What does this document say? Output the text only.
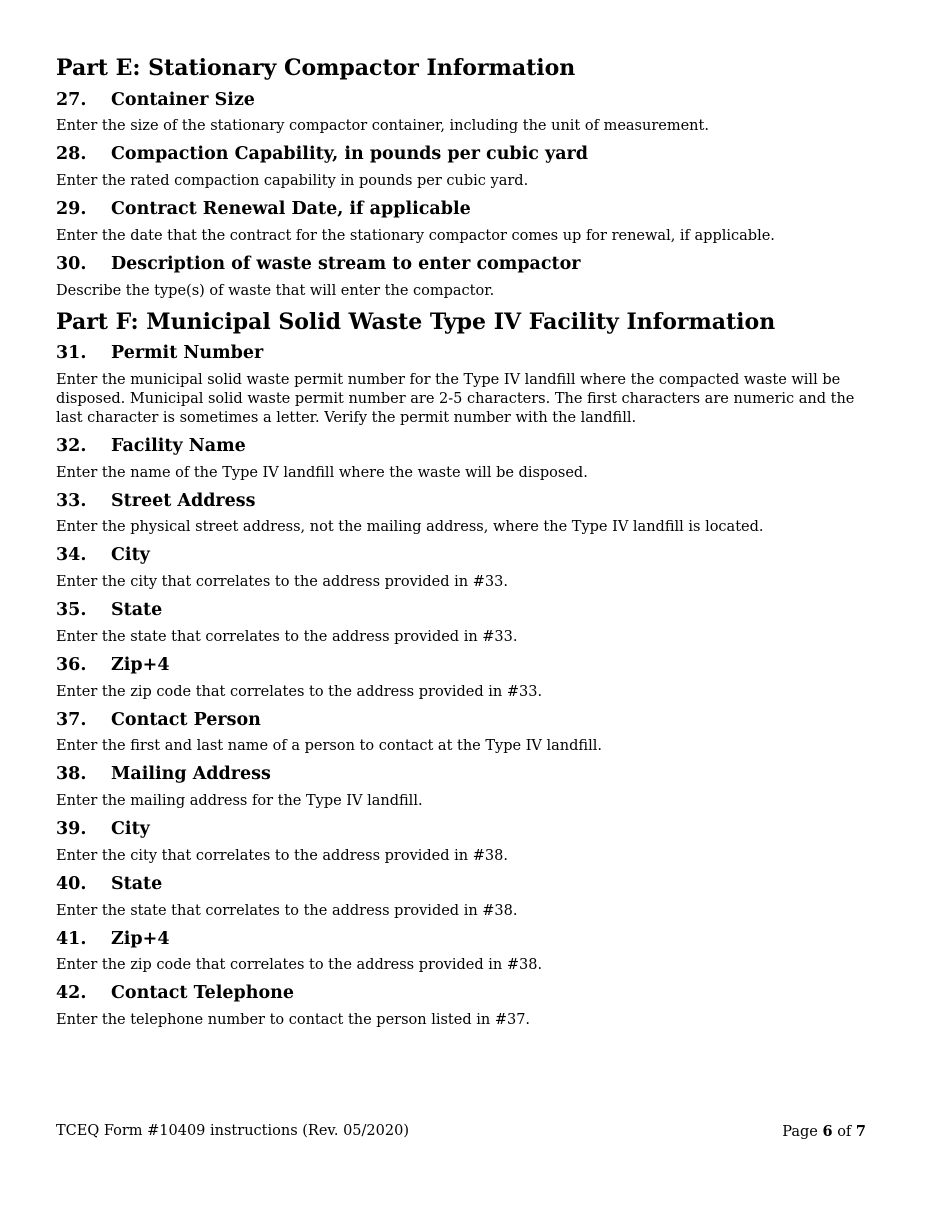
Part E: Stationary Compactor Information
27.	Container Size
Enter the size of the stationary compactor container, including the unit of measurement.
28.	Compaction Capability, in pounds per cubic yard
Enter the rated compaction capability in pounds per cubic yard.
29.	Contract Renewal Date, if applicable
Enter the date that the contract for the stationary compactor comes up for renewal, if applicable.
30.	Description of waste stream to enter compactor
Describe the type(s) of waste that will enter the compactor.
Part F: Municipal Solid Waste Type IV Facility Information
31.	Permit Number
Enter the municipal solid waste permit number for the Type IV landfill where the compacted waste will be disposed. Municipal solid waste permit number are 2-5 characters. The first characters are numeric and the last character is sometimes a letter. Verify the permit number with the landfill.
32.	Facility Name
Enter the name of the Type IV landfill where the waste will be disposed.
33.	Street Address
Enter the physical street address, not the mailing address, where the Type IV landfill is located.
34.	City
Enter the city that correlates to the address provided in #33.
35.	State
Enter the state that correlates to the address provided in #33.
36.	Zip+4
Enter the zip code that correlates to the address provided in #33.
37.	Contact Person
Enter the first and last name of a person to contact at the Type IV landfill.
38.	Mailing Address
Enter the mailing address for the Type IV landfill.
39.	City
Enter the city that correlates to the address provided in #38.
40.	State
Enter the state that correlates to the address provided in #38.
41.	Zip+4
Enter the zip code that correlates to the address provided in #38.
42.	Contact Telephone
Enter the telephone number to contact the person listed in #37.
TCEQ Form #10409 instructions (Rev. 05/2020)	Page 6 of 7
